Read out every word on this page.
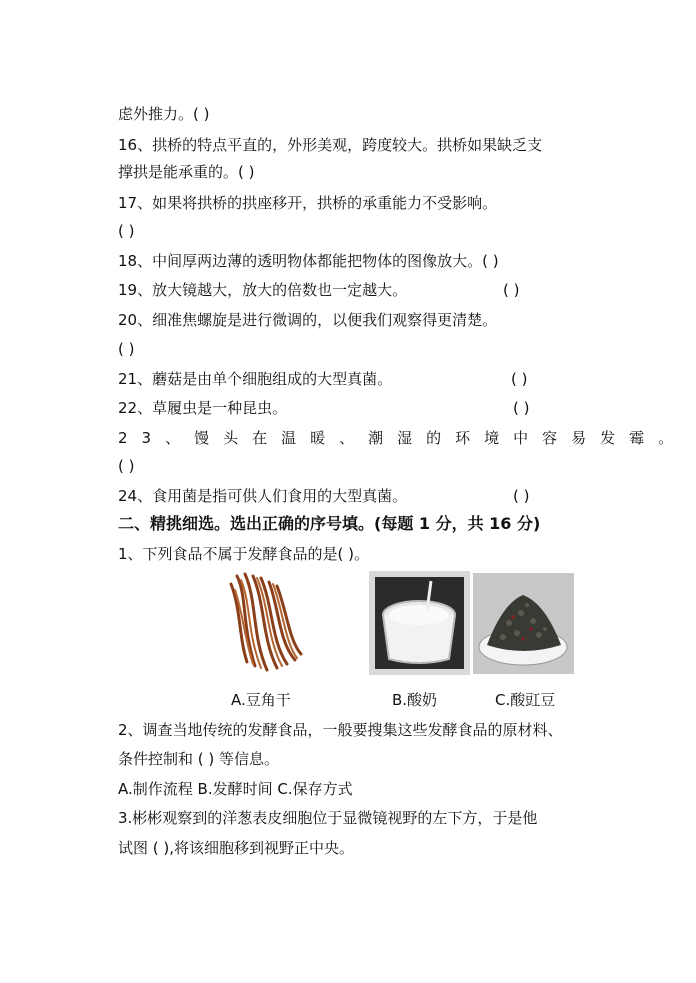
虑外推力。( )
16、拱桥的特点平直的，外形美观，跨度较大。拱桥如果缺乏支
撑拱是能承重的。( )
17、如果将拱桥的拱座移开，拱桥的承重能力不受影响。
( )
18、中间厚两边薄的透明物体都能把物体的图像放大。( )
19、放大镜越大，放大的倍数也一定越大。	( )
20、细准焦螺旋是进行微调的，以便我们观察得更清楚。
( )
21、蘑菇是由单个细胞组成的大型真菌。	( )
22、草履虫是一种昆虫。	( )
23、馒头在温暖、潮湿的环境中容易发霉。
( )
24、食用菌是指可供人们食用的大型真菌。	( )
二、精挑细选。选出正确的序号填。(每题 1 分，共 16 分)
1、下列食品不属于发酵食品的是( )。
A.豆角干	B.酸奶	C.酸豇豆
2、调查当地传统的发酵食品，一般要搜集这些发酵食品的原材料、
条件控制和 ( ) 等信息。
A.制作流程 B.发酵时间 C.保存方式
3.彬彬观察到的洋葱表皮细胞位于显微镜视野的左下方，于是他
试图 ( ),将该细胞移到视野正中央。
